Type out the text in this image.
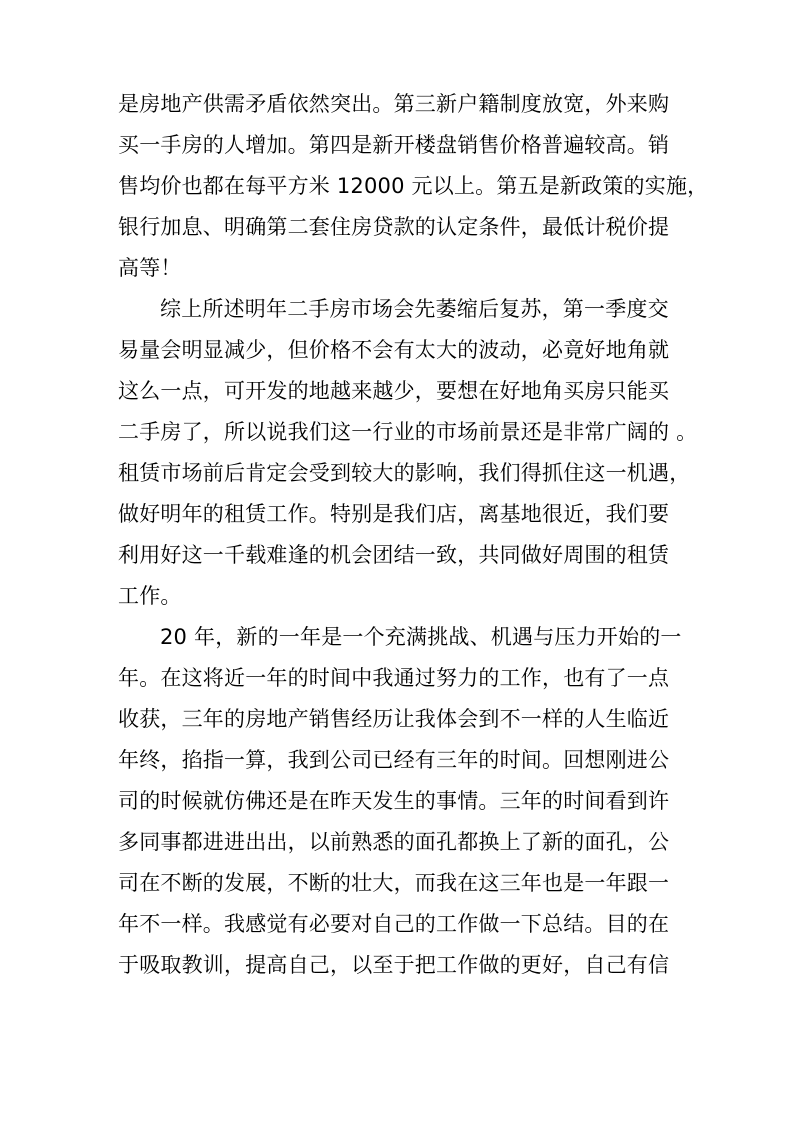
是房地产供需矛盾依然突出。第三新户籍制度放宽，外来购
买一手房的人增加。第四是新开楼盘销售价格普遍较高。销
售均价也都在每平方米 12000 元以上。第五是新政策的实施，
银行加息、明确第二套住房贷款的认定条件，最低计税价提
高等！
综上所述明年二手房市场会先萎缩后复苏，第一季度交
易量会明显减少，但价格不会有太大的波动，必竟好地角就
这么一点，可开发的地越来越少，要想在好地角买房只能买
二手房了，所以说我们这一行业的市场前景还是非常广阔的 。
租赁市场前后肯定会受到较大的影响，我们得抓住这一机遇，
做好明年的租赁工作。特别是我们店，离基地很近，我们要
利用好这一千载难逢的机会团结一致，共同做好周围的租赁
工作。
20 年，新的一年是一个充满挑战、机遇与压力开始的一
年。在这将近一年的时间中我通过努力的工作，也有了一点
收获，三年的房地产销售经历让我体会到不一样的人生临近
年终，掐指一算，我到公司已经有三年的时间。回想刚进公
司的时候就仿佛还是在昨天发生的事情。三年的时间看到许
多同事都进进出出，以前熟悉的面孔都换上了新的面孔，公
司在不断的发展，不断的壮大，而我在这三年也是一年跟一
年不一样。我感觉有必要对自己的工作做一下总结。目的在
于吸取教训，提高自己，以至于把工作做的更好，自己有信
